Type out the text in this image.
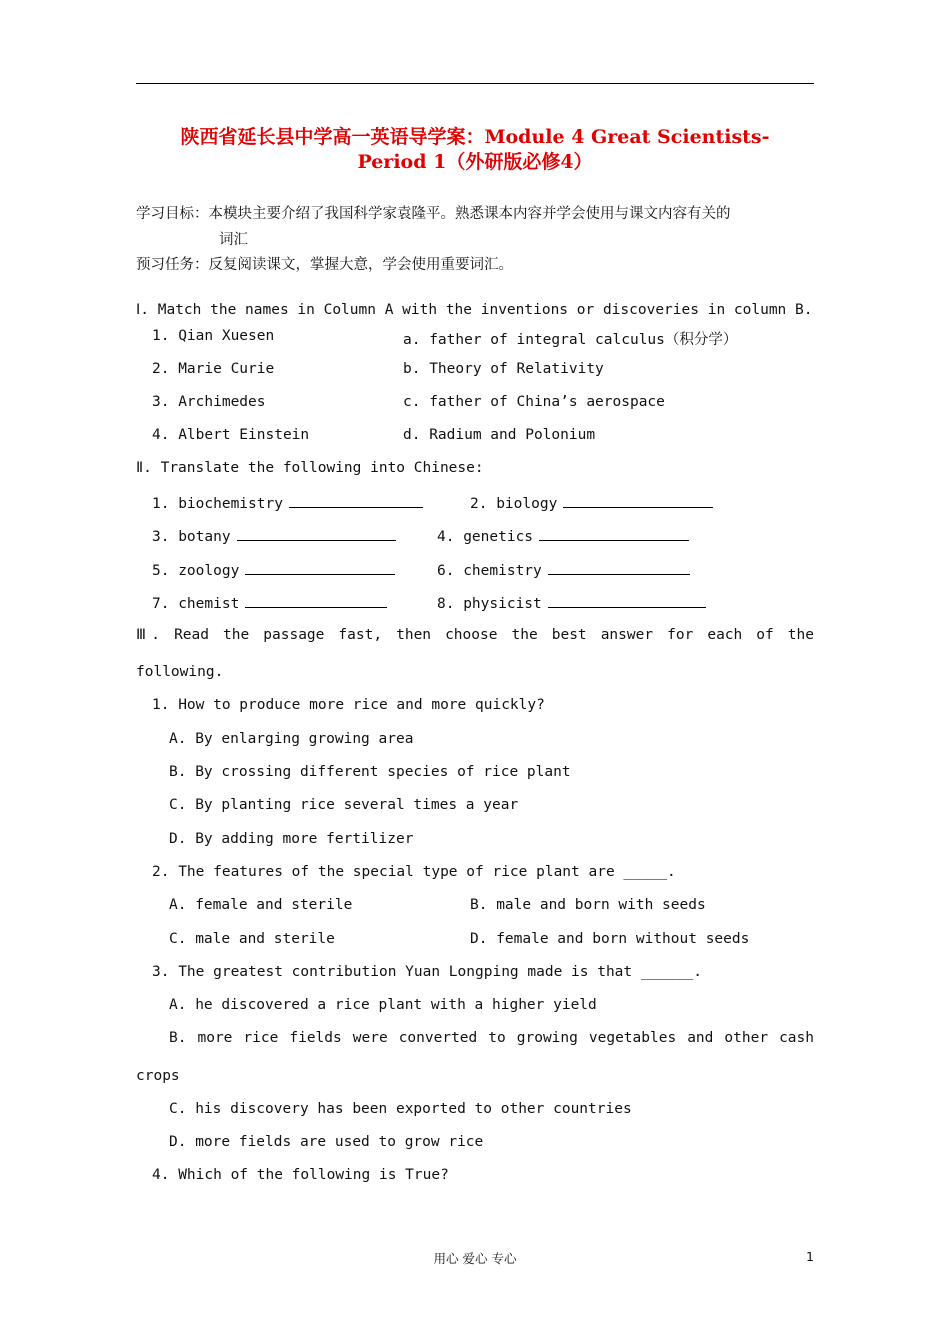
陕西省延长县中学高一英语导学案：Module 4 Great Scientists-
Period 1（外研版必修4）
学习目标：本模块主要介绍了我国科学家袁隆平。熟悉课本内容并学会使用与课文内容有关的
词汇
预习任务：反复阅读课文，掌握大意，学会使用重要词汇。
Ⅰ. Match the names in Column A with the inventions or discoveries in column B.
1. Qian Xuesen	a. father of integral calculus（积分学）
2. Marie Curie	b. Theory of Relativity
3. Archimedes	c. father of China’s aerospace
4. Albert Einstein	d. Radium and Polonium
Ⅱ. Translate the following into Chinese:
1. biochemistry	2. biology
3. botany	4. genetics
5. zoology	6. chemistry
7. chemist	8. physicist
Ⅲ. Read the passage fast, then choose the best answer for each of the
following.
1. How to produce more rice and more quickly?
A. By enlarging growing area
B. By crossing different species of rice plant
C. By planting rice several times a year
D. By adding more fertilizer
2. The features of the special type of rice plant are _____.
A. female and sterile	B. male and born with seeds
C. male and sterile	D. female and born without seeds
3. The greatest contribution Yuan Longping made is that ______.
A. he discovered a rice plant with a higher yield
B. more rice fields were converted to growing vegetables and other cash
crops
C. his discovery has been exported to other countries
D. more fields are used to grow rice
4. Which of the following is True?
用心 爱心 专心	1
